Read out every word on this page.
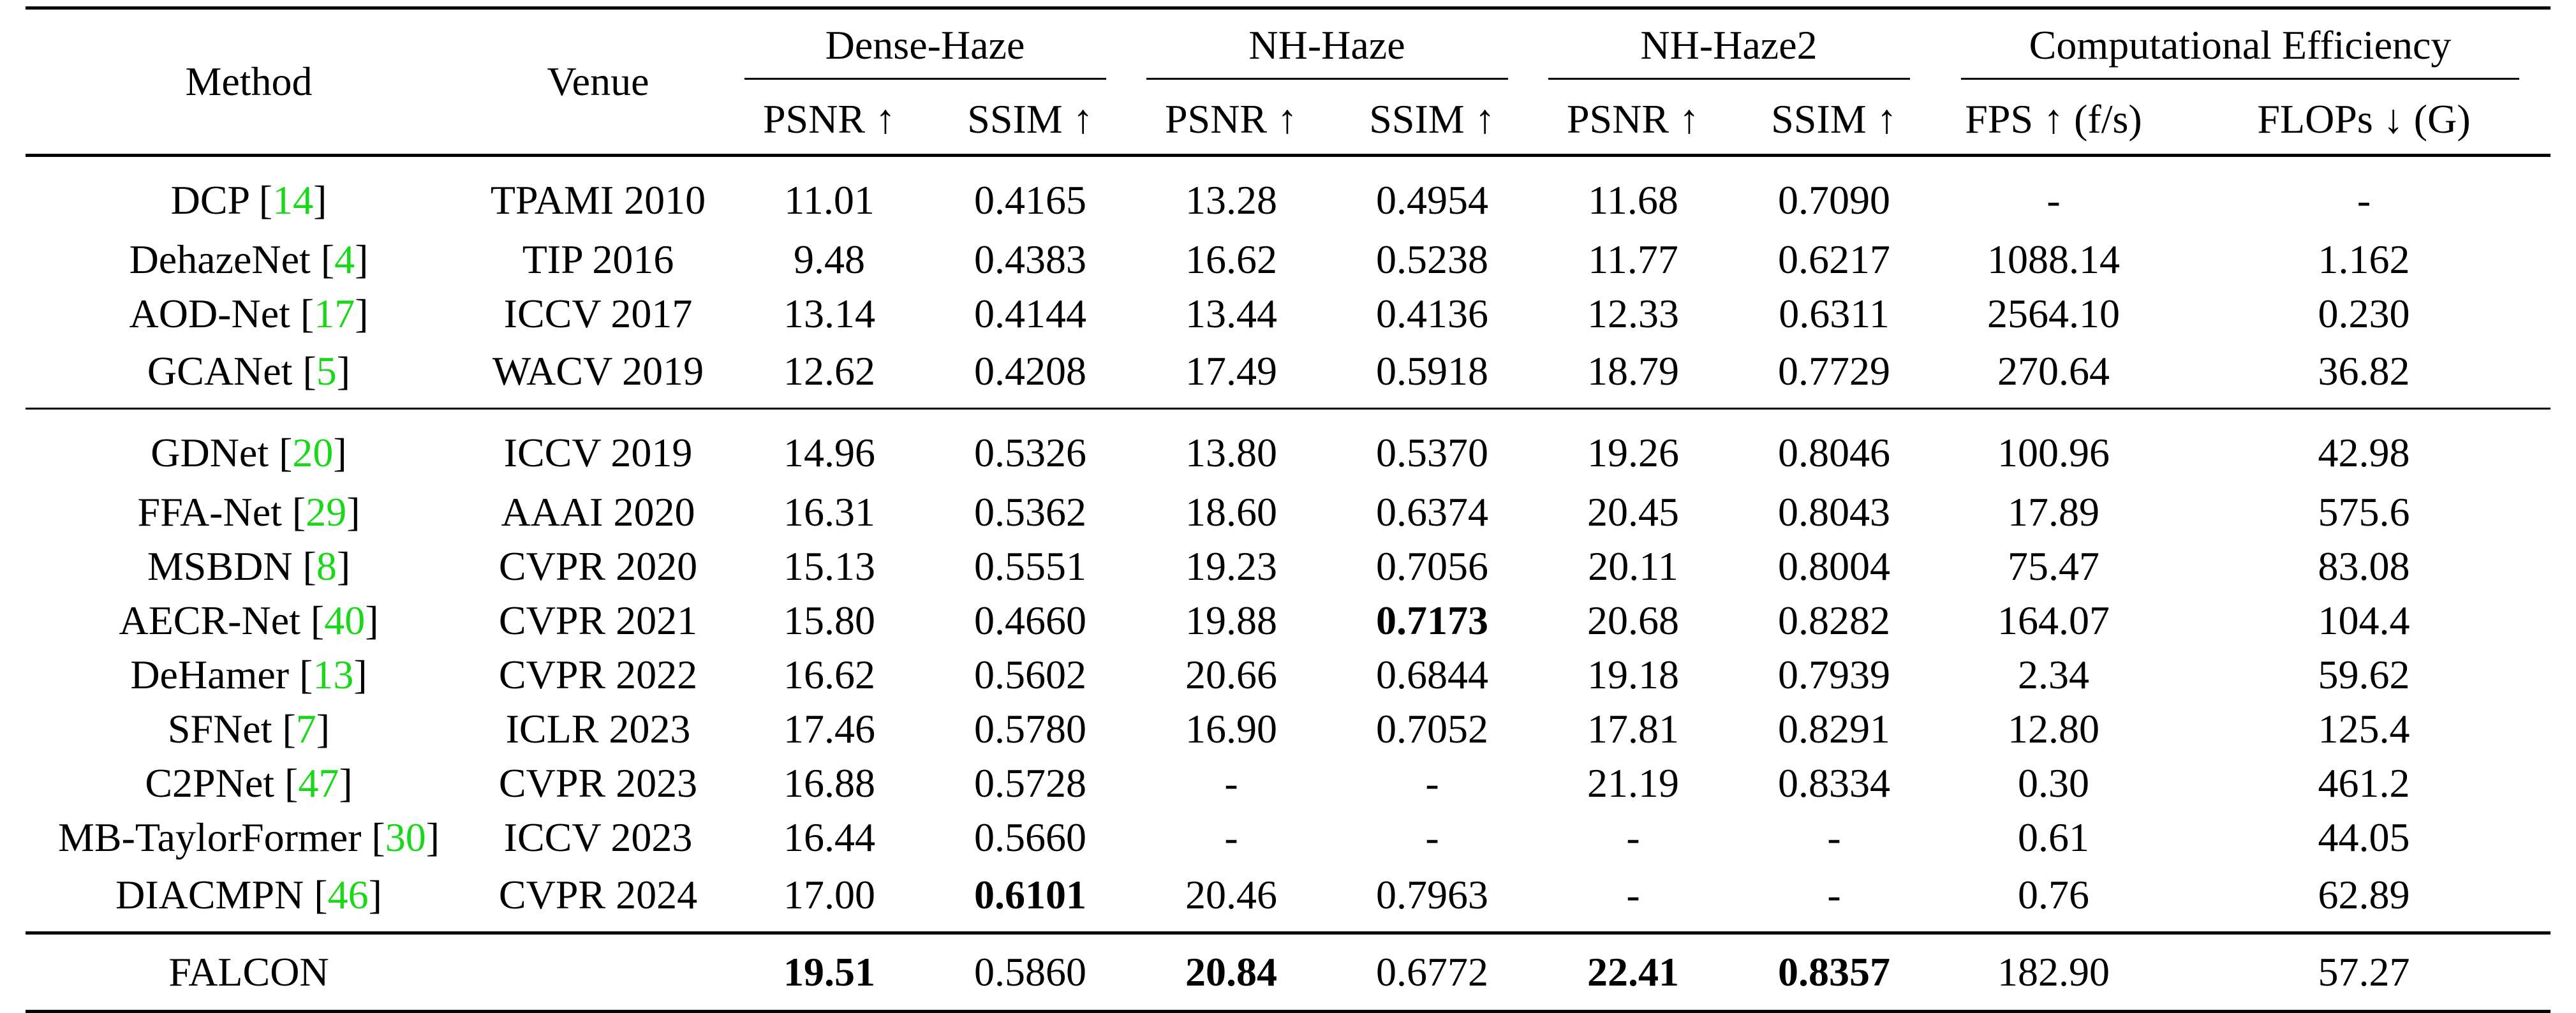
Method	Venue	Dense-Haze		NH-Haze		NH-Haze2		Computational Efficiency	
		PSNR ↑	SSIM ↑	PSNR ↑	SSIM ↑	PSNR ↑	SSIM ↑	FPS ↑ (f/s)	FLOPs ↓ (G)
DCP [14]	TPAMI 2010	11.01	0.4165	13.28	0.4954	11.68	0.7090	-	-
DehazeNet [4]	TIP 2016	9.48	0.4383	16.62	0.5238	11.77	0.6217	1088.14	1.162
AOD-Net [17]	ICCV 2017	13.14	0.4144	13.44	0.4136	12.33	0.6311	2564.10	0.230
GCANet [5]	WACV 2019	12.62	0.4208	17.49	0.5918	18.79	0.7729	270.64	36.82
GDNet [20]	ICCV 2019	14.96	0.5326	13.80	0.5370	19.26	0.8046	100.96	42.98
FFA-Net [29]	AAAI 2020	16.31	0.5362	18.60	0.6374	20.45	0.8043	17.89	575.6
MSBDN [8]	CVPR 2020	15.13	0.5551	19.23	0.7056	20.11	0.8004	75.47	83.08
AECR-Net [40]	CVPR 2021	15.80	0.4660	19.88	0.7173	20.68	0.8282	164.07	104.4
DeHamer [13]	CVPR 2022	16.62	0.5602	20.66	0.6844	19.18	0.7939	2.34	59.62
SFNet [7]	ICLR 2023	17.46	0.5780	16.90	0.7052	17.81	0.8291	12.80	125.4
C2PNet [47]	CVPR 2023	16.88	0.5728	-	-	21.19	0.8334	0.30	461.2
MB-TaylorFormer [30]	ICCV 2023	16.44	0.5660	-	-	-	-	0.61	44.05
DIACMPN [46]	CVPR 2024	17.00	0.6101	20.46	0.7963	-	-	0.76	62.89
FALCON		19.51	0.5860	20.84	0.6772	22.41	0.8357	182.90	57.27
